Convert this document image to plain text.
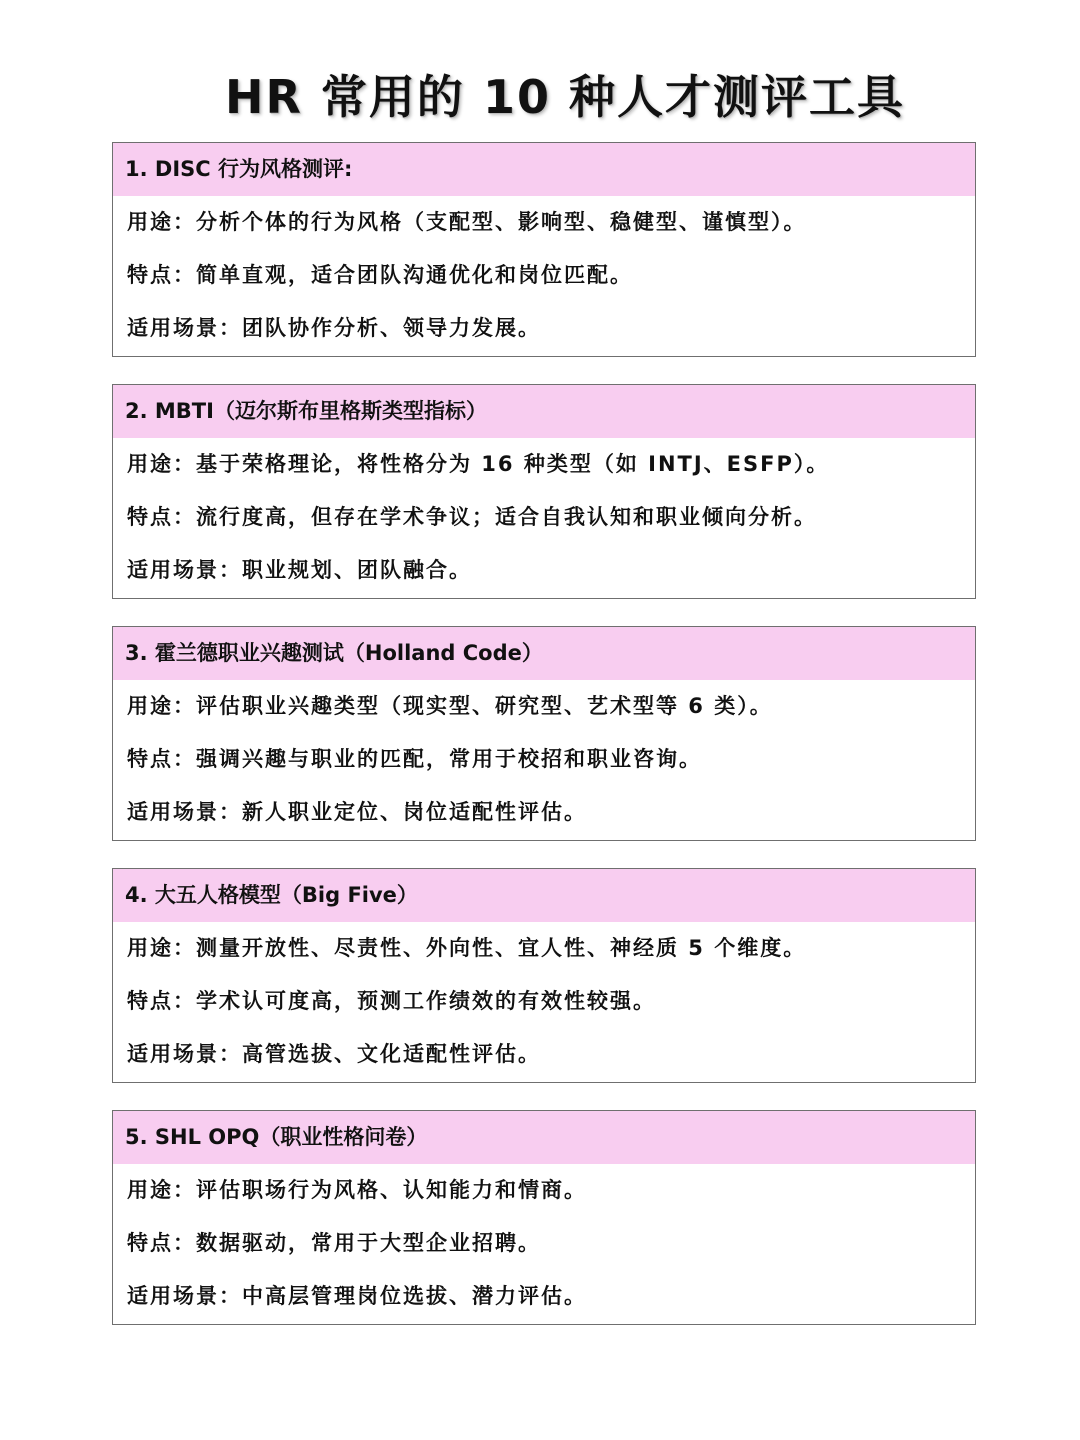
HR 常用的 10 种人才测评工具
1. DISC 行为风格测评:
用途：分析个体的行为风格（支配型、影响型、稳健型、谨慎型）。
特点：简单直观，适合团队沟通优化和岗位匹配。
适用场景：团队协作分析、领导力发展。
2. MBTI（迈尔斯布里格斯类型指标）
用途：基于荣格理论，将性格分为 16 种类型（如 INTJ、ESFP）。
特点：流行度高，但存在学术争议；适合自我认知和职业倾向分析。
适用场景：职业规划、团队融合。
3. 霍兰德职业兴趣测试（Holland Code）
用途：评估职业兴趣类型（现实型、研究型、艺术型等 6 类）。
特点：强调兴趣与职业的匹配，常用于校招和职业咨询。
适用场景：新人职业定位、岗位适配性评估。
4. 大五人格模型（Big Five）
用途：测量开放性、尽责性、外向性、宜人性、神经质 5 个维度。
特点：学术认可度高，预测工作绩效的有效性较强。
适用场景：高管选拔、文化适配性评估。
5. SHL OPQ（职业性格问卷）
用途：评估职场行为风格、认知能力和情商。
特点：数据驱动，常用于大型企业招聘。
适用场景：中高层管理岗位选拔、潜力评估。
